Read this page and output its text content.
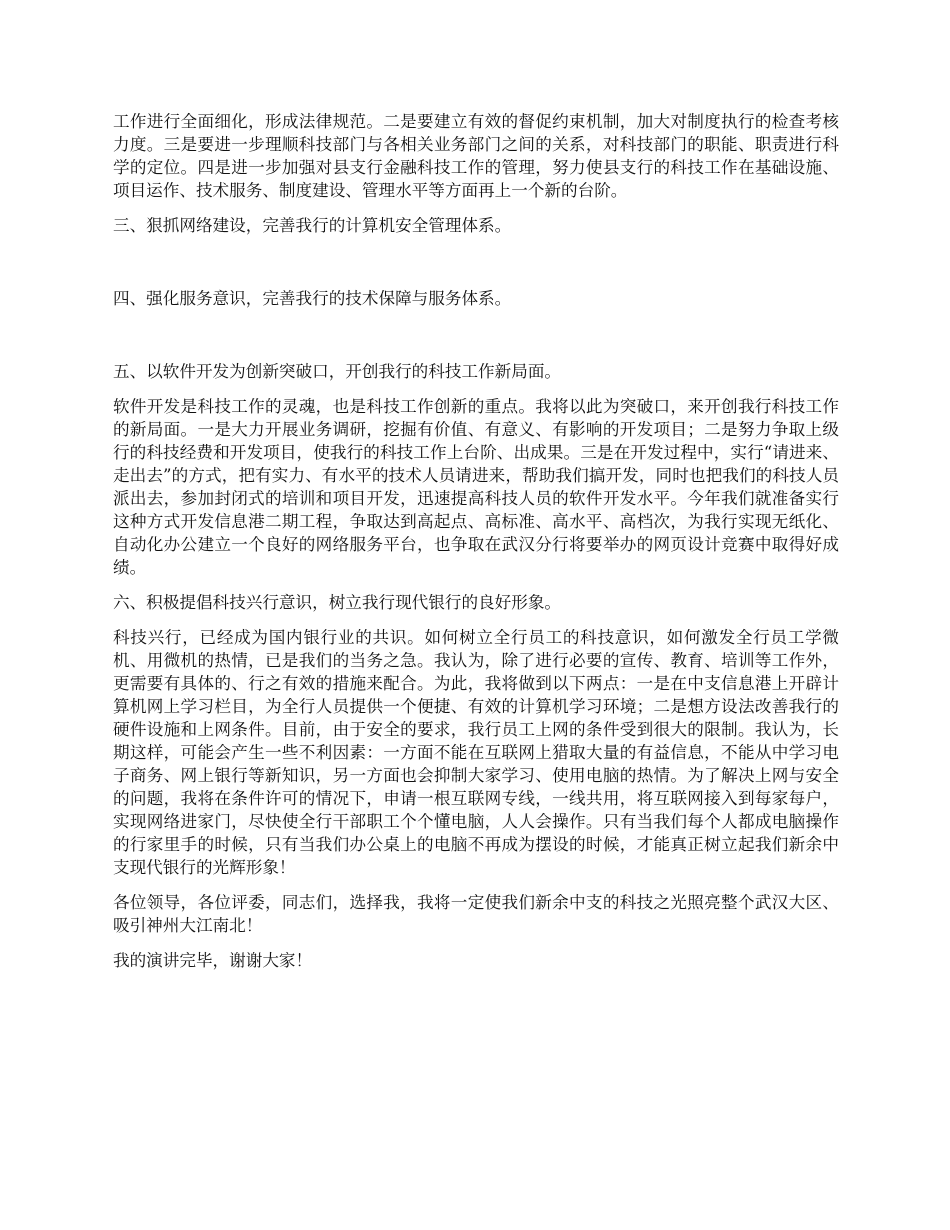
工作进行全面细化，形成法律规范。二是要建立有效的督促约束机制，加大对制度执行的检查考核力度。三是要进一步理顺科技部门与各相关业务部门之间的关系，对科技部门的职能、职责进行科学的定位。四是进一步加强对县支行金融科技工作的管理，努力使县支行的科技工作在基础设施、项目运作、技术服务、制度建设、管理水平等方面再上一个新的台阶。

三、狠抓网络建设，完善我行的计算机安全管理体系。

四、强化服务意识，完善我行的技术保障与服务体系。

五、以软件开发为创新突破口，开创我行的科技工作新局面。

软件开发是科技工作的灵魂，也是科技工作创新的重点。我将以此为突破口，来开创我行科技工作的新局面。一是大力开展业务调研，挖掘有价值、有意义、有影响的开发项目；二是努力争取上级行的科技经费和开发项目，使我行的科技工作上台阶、出成果。三是在开发过程中，实行“请进来、走出去”的方式，把有实力、有水平的技术人员请进来，帮助我们搞开发，同时也把我们的科技人员派出去，参加封闭式的培训和项目开发，迅速提高科技人员的软件开发水平。今年我们就准备实行这种方式开发信息港二期工程，争取达到高起点、高标准、高水平、高档次，为我行实现无纸化、自动化办公建立一个良好的网络服务平台，也争取在武汉分行将要举办的网页设计竞赛中取得好成绩。

六、积极提倡科技兴行意识，树立我行现代银行的良好形象。

科技兴行，已经成为国内银行业的共识。如何树立全行员工的科技意识，如何激发全行员工学微机、用微机的热情，已是我们的当务之急。我认为，除了进行必要的宣传、教育、培训等工作外，更需要有具体的、行之有效的措施来配合。为此，我将做到以下两点：一是在中支信息港上开辟计算机网上学习栏目，为全行人员提供一个便捷、有效的计算机学习环境；二是想方设法改善我行的硬件设施和上网条件。目前，由于安全的要求，我行员工上网的条件受到很大的限制。我认为，长期这样，可能会产生一些不利因素：一方面不能在互联网上猎取大量的有益信息，不能从中学习电子商务、网上银行等新知识，另一方面也会抑制大家学习、使用电脑的热情。为了解决上网与安全的问题，我将在条件许可的情况下，申请一根互联网专线，一线共用，将互联网接入到每家每户，实现网络进家门，尽快使全行干部职工个个懂电脑，人人会操作。只有当我们每个人都成电脑操作的行家里手的时候，只有当我们办公桌上的电脑不再成为摆设的时候，才能真正树立起我们新余中支现代银行的光辉形象！

各位领导，各位评委，同志们，选择我，我将一定使我们新余中支的科技之光照亮整个武汉大区、吸引神州大江南北！

我的演讲完毕，谢谢大家！
